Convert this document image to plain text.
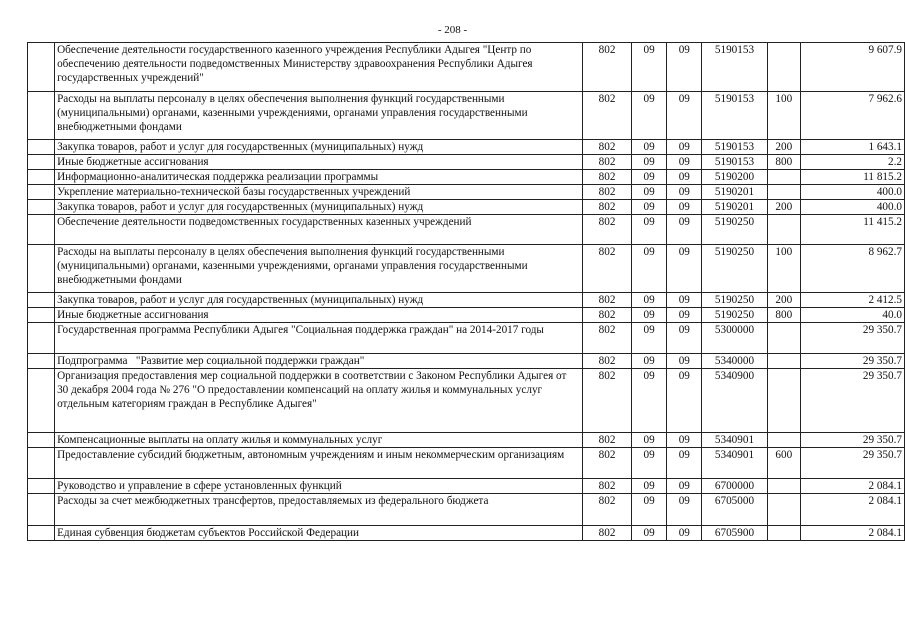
- 208 -
	Обеспечение деятельности государственного казенного учреждения Республики Адыгея "Центр по обеспечению деятельности подведомственных Министерству здравоохранения Республики Адыгея государственных учреждений"	802	09	09	5190153		9 607.9
	Расходы на выплаты персоналу в целях обеспечения выполнения функций государственными (муниципальными) органами, казенными учреждениями, органами управления государственными внебюджетными фондами	802	09	09	5190153	100	7 962.6
	Закупка товаров, работ и услуг для государственных (муниципальных) нужд	802	09	09	5190153	200	1 643.1
	Иные бюджетные ассигнования	802	09	09	5190153	800	2.2
	Информационно-аналитическая поддержка реализации программы	802	09	09	5190200		11 815.2
	Укрепление материально-технической базы государственных учреждений	802	09	09	5190201		400.0
	Закупка товаров, работ и услуг для государственных (муниципальных) нужд	802	09	09	5190201	200	400.0
	Обеспечение деятельности подведомственных государственных казенных учреждений	802	09	09	5190250		11 415.2
	Расходы на выплаты персоналу в целях обеспечения выполнения функций государственными (муниципальными) органами, казенными учреждениями, органами управления государственными внебюджетными фондами	802	09	09	5190250	100	8 962.7
	Закупка товаров, работ и услуг для государственных (муниципальных) нужд	802	09	09	5190250	200	2 412.5
	Иные бюджетные ассигнования	802	09	09	5190250	800	40.0
	Государственная программа Республики Адыгея "Социальная поддержка граждан" на 2014-2017 годы	802	09	09	5300000		29 350.7
	Подпрограмма   "Развитие мер социальной поддержки граждан"	802	09	09	5340000		29 350.7
	Организация предоставления мер социальной поддержки в соответствии с Законом Республики Адыгея от 30 декабря 2004 года № 276 "О предоставлении компенсаций на оплату жилья и коммунальных услуг отдельным категориям граждан в Республике Адыгея"	802	09	09	5340900		29 350.7
	Компенсационные выплаты на оплату жилья и коммунальных услуг	802	09	09	5340901		29 350.7
	Предоставление субсидий бюджетным, автономным учреждениям и иным некоммерческим организациям	802	09	09	5340901	600	29 350.7
	Руководство и управление в сфере установленных функций	802	09	09	6700000		2 084.1
	Расходы за счет межбюджетных трансфертов, предоставляемых из федерального бюджета	802	09	09	6705000		2 084.1
	Единая субвенция бюджетам субъектов Российской Федерации	802	09	09	6705900		2 084.1
